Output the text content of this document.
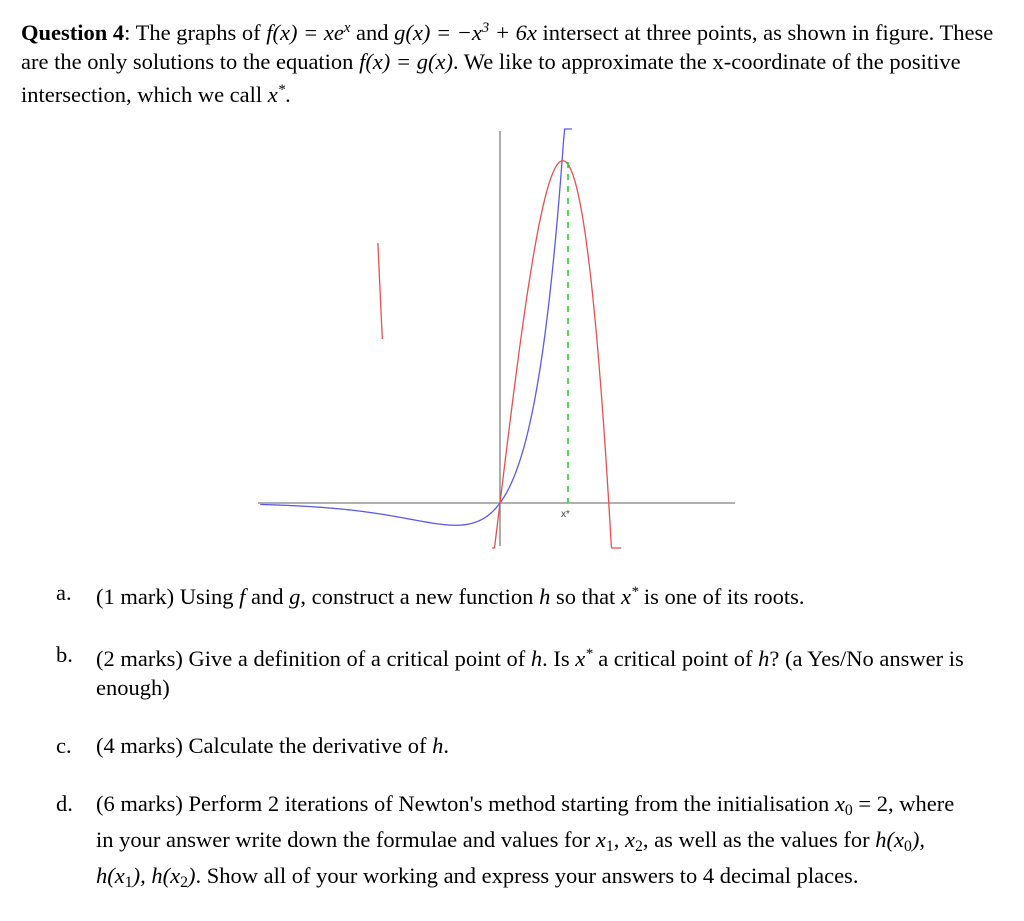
Question 4: The graphs of $f(x) = xe^x$ and $g(x) = -x^3 + 6x$ intersect at three points, as shown in figure. These are the only solutions to the equation f(x) = g(x). We like to approximate the x-coordinate of the positive intersection, which we call x*.
x*
a. (1 mark) Using f and g, construct a new function h so that x* is one of its roots.
b. (2 marks) Give a definition of a critical point of h. Is x* a critical point of h? (a Yes/No answer is enough)
c. (4 marks) Calculate the derivative of h.
d. (6 marks) Perform 2 iterations of Newton's method starting from the initialisation $x_0 = 2$, where in your answer write down the formulae and values for $x_1$, $x_2$, as well as the values for $h(x_0)$, $h(x_1)$, $h(x_2)$. Show all of your working and express your answers to 4 decimal places.
